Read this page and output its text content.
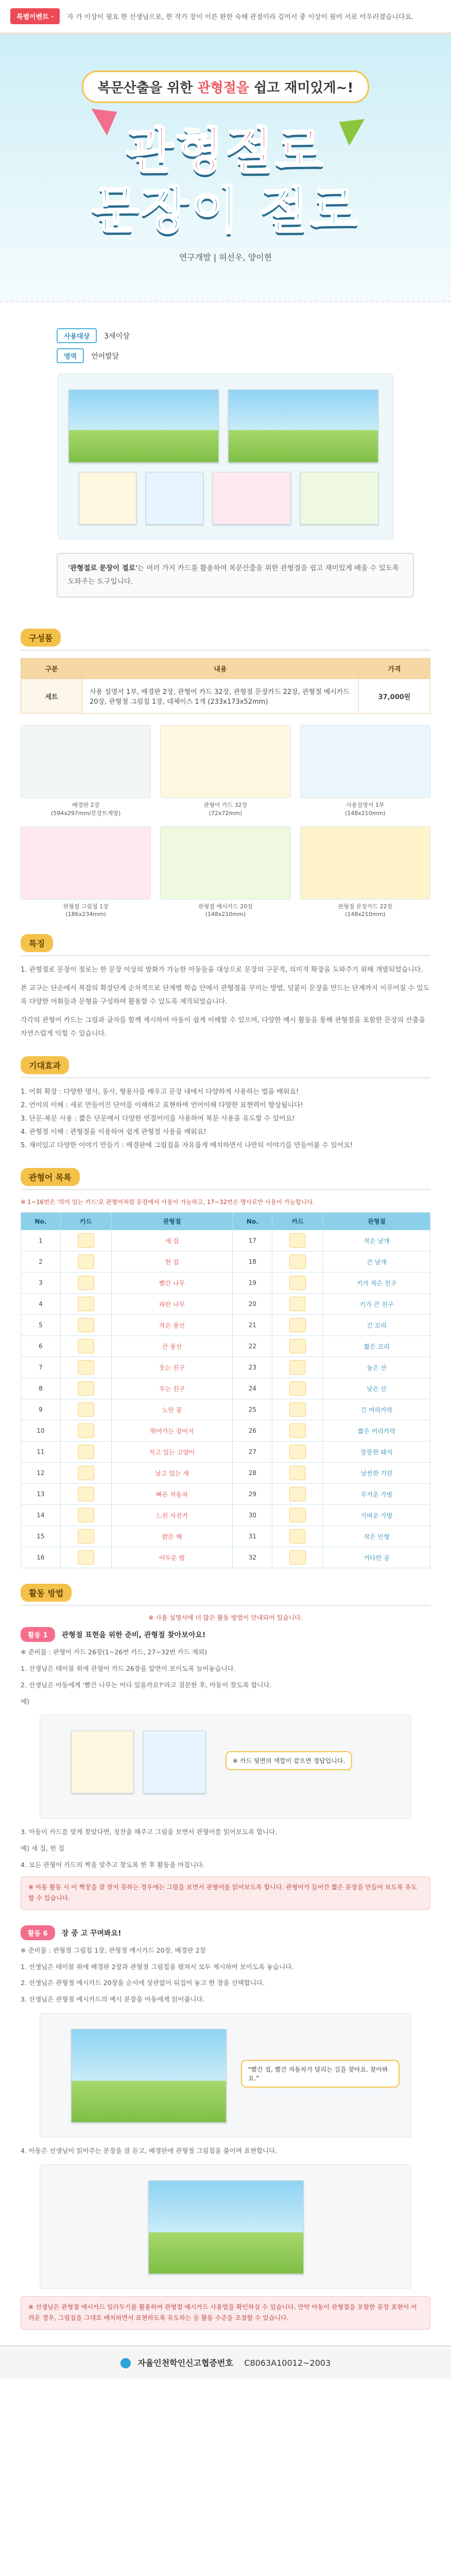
특별이벤트 ·	자 가 이상이 필요 한 선생님으로, 한 작가 장이 이른 완한 숙해 관점이라 깊어서 좋 이상이 필어 서로 어우러졌습니다요.
복문산출을 위한 관형절을 쉽고 재미있게~!
관형절로
문장이 절로
연구개발 | 허선우, 양이현
사용대상	3세이상
영역	언어발달
'관형절로 문장이 절로'는 여러 가지 카드를 활용하여 복문산출을 위한 관형절을 쉽고 재미있게 배울 수 있도록 도와주는 도구입니다.
구성품
구분	내용	가격
세트	사용 설명서 1부, 배경판 2장, 관형어 카드 32장, 관형절 문장카드 22장, 관형절 예시카드 20장, 관형절 그림칩 1장, 데체이스 1개 (233x173x52mm)	37,000원
배경판 2장
(594x297mm/본장트게방)
관형어 카드 32장
(72x72mm)
사용설명서 1부
(148x210mm)
관형절 그림칩 1장
(186x234mm)
관형절 예시카드 20장
(148x210mm)
관형절 문장카드 22장
(148x210mm)
특징

1. 관형절로 문장이 절로는 한 문장 이상의 발화가 가능한 아동들을 대상으로 문장의 구문적, 의미적 확장을 도와주기 위해 개발되었습니다.

본 교구는 단순에서 복잡의 확장단계 순차적으로 단계별 학습 안에서 관형절을 꾸미는 방법, 덧붙이 문장을 만드는 단계까지 이루어질 수 있도록 다양한 어휘들과 문형을 구성하여 활용할 수 있도록 제작되었습니다.

각각의 관형어 카드는 그림과 글자를 함께 제시하여 아동이 쉽게 이해할 수 있으며, 다양한 예시 활동을 통해 관형절을 포함한 문장의 산출을 자연스럽게 익힐 수 있습니다.

기대효과
1. 어휘 확장 : 다양한 명사, 동사, 형용사를 배우고 문장 내에서 다양하게 사용하는 법을 배워요!
2. 언어의 이해 : 새로 만들어진 단어를 이해하고 표현하며 언어이해 다양한 표현력이 향상됩니다!
3. 단문-복문 사용 : 짧은 단문에서 다양한 연결어미를 사용하여 복문 사용을 유도할 수 있어요!
4. 관형절 이해 : 관형절을 이용하여 쉽게 관형절 사용을 배워요!
5. 재미있고 다양한 이야기 만들기 : 배경판에 그림칩을 자유롭게 배치하면서 나만의 이야기를 만들어볼 수 있어요!
관형어 목록
※ 1~16번은 '의미 있는 카드'로 관형어처럼 문장에서 사용이 가능하고, 17~32번은 명사로만 사용이 가능합니다.
No.	카드	관형절	No.	카드	관형절
1		새 집	17		작은 날개
2		헌 집	18		큰 날개
3		빨간 나무	19		키가 작은 친구
4		파란 나무	20		키가 큰 친구
5		작은 풍선	21		긴 꼬리
6		큰 풍선	22		짧은 꼬리
7		웃는 친구	23		높은 산
8		우는 친구	24		낮은 산
9		노란 꽃	25		긴 머리카락
10		뛰어가는 강아지	26		짧은 머리카락
11		자고 있는 고양이	27		뚱뚱한 돼지
12		날고 있는 새	28		날씬한 기린
13		빠른 자동차	29		무거운 가방
14		느린 자전거	30		가벼운 가방
15		밝은 해	31		작은 인형
16		어두운 밤	32		커다란 곰
활동 방법
※ 사용 설명서에 더 많은 활동 방법이 안내되어 있습니다.
활동 1 관형절 표현을 위한 준비, 관형절 찾아보아요!

※ 준비물 : 관형어 카드 26장(1~26번 카드, 27~32번 카드 제외)

1. 선생님은 테이블 위에 관형어 카드 26장을 앞면이 보이도록 늘어놓습니다.

2. 선생님은 아동에게 '빨간 나무는 어디 있을까요?'라고 질문한 후, 아동이 찾도록 합니다.

예)

※ 카드 뒷면의 색깔이 같으면 정답입니다.

3. 아동이 카드를 맞게 찾았다면, 칭찬을 해주고 그림을 보면서 관형어를 읽어보도록 합니다.

예) 새 집, 헌 집

4. 모든 관형어 카드의 짝을 맞추고 찾도록 한 후 활동을 마칩니다.

※ 아동 활동 시 이 짝꿍을 잘 찾지 못하는 경우에는 그림을 보면서 관형어를 읽어보도록 합니다. 관형어가 들어간 짧은 문장을 만들어 보도록 유도할 수 있습니다.
활동 6 장 중 고 꾸며봐요!

※ 준비물 : 관형절 그림칩 1장, 관형절 예시카드 20장, 배경판 2장

1. 선생님은 테이블 위에 배경판 2장과 관형절 그림칩을 펼쳐서 모두 제시하여 보이도록 놓습니다.

2. 선생님은 관형절 예시카드 20장을 순서에 상관없이 뒤집어 놓고 한 장을 선택합니다.

3. 선생님은 관형절 예시카드의 예시 문장을 아동에게 읽어줍니다.

"빨간 집, 빨간 자동차가 달리는 길을 찾아요. 찾아봐요."

4. 아동은 선생님이 읽어주는 문장을 잘 듣고, 배경판에 관형절 그림칩을 붙이며 표현합니다.

※ 선생님은 관형절 예시카드 일러두기를 활용하여 관형절 예시카드 사용법을 확인하실 수 있습니다. 만약 아동이 관형절을 포함한 문장 표현이 어려운 경우, 그림칩을 그대로 배치하면서 표현하도록 유도하는 등 활동 수준을 조절할 수 있습니다.
자율인천학인신고협증번호 C8063A10012~2003
